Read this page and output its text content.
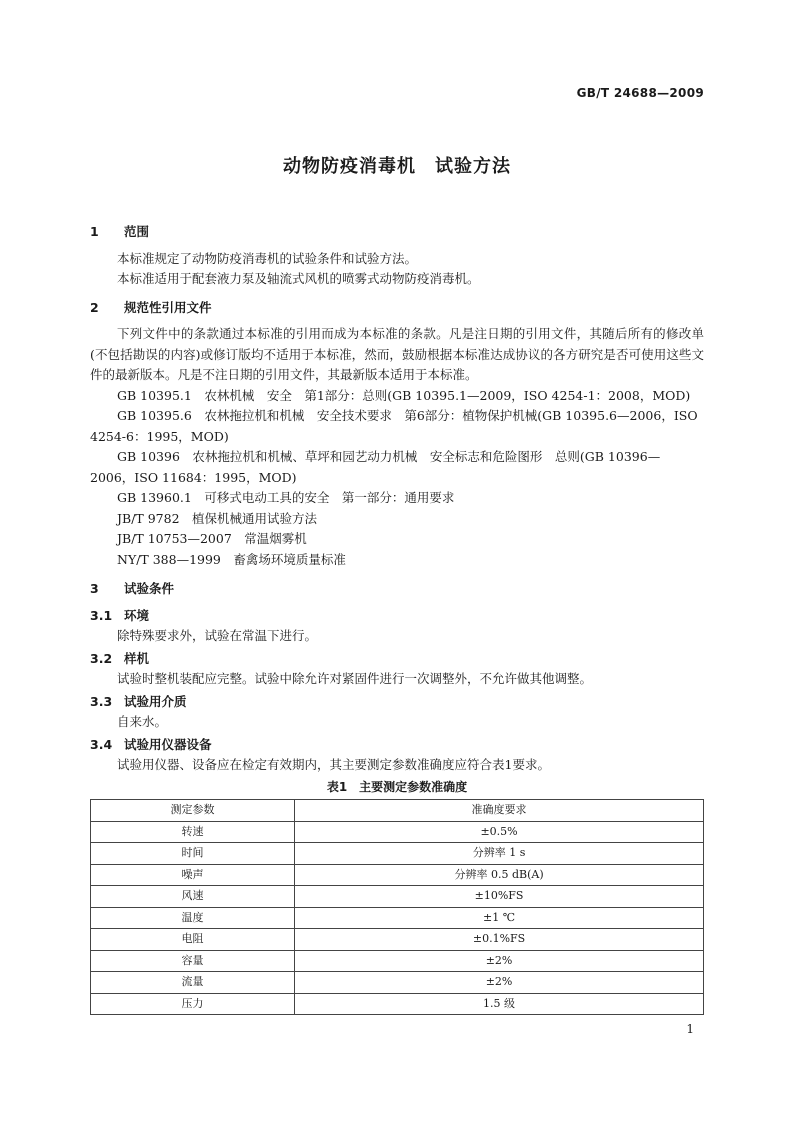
GB/T 24688—2009
动物防疫消毒机　试验方法
1 范围

本标准规定了动物防疫消毒机的试验条件和试验方法。

本标准适用于配套液力泵及轴流式风机的喷雾式动物防疫消毒机。

2 规范性引用文件

下列文件中的条款通过本标准的引用而成为本标准的条款。凡是注日期的引用文件，其随后所有的修改单(不包括勘误的内容)或修订版均不适用于本标准，然而，鼓励根据本标准达成协议的各方研究是否可使用这些文件的最新版本。凡是不注日期的引用文件，其最新版本适用于本标准。

GB 10395.1　农林机械　安全　第1部分：总则(GB 10395.1—2009，ISO 4254-1：2008，MOD)

GB 10395.6　农林拖拉机和机械　安全技术要求　第6部分：植物保护机械(GB 10395.6—2006，ISO 4254-6：1995，MOD)

GB 10396　农林拖拉机和机械、草坪和园艺动力机械　安全标志和危险图形　总则(GB 10396—2006，ISO 11684：1995，MOD)

GB 13960.1　可移式电动工具的安全　第一部分：通用要求

JB/T 9782　植保机械通用试验方法

JB/T 10753—2007　常温烟雾机

NY/T 388—1999　畜禽场环境质量标准

3 试验条件
3.1 环境

除特殊要求外，试验在常温下进行。

3.2 样机

试验时整机装配应完整。试验中除允许对紧固件进行一次调整外，不允许做其他调整。

3.3 试验用介质

自来水。

3.4 试验用仪器设备

试验用仪器、设备应在检定有效期内，其主要测定参数准确度应符合表1要求。

表1　主要测定参数准确度
测定参数	准确度要求
转速	±0.5%
时间	分辨率 1 s
噪声	分辨率 0.5 dB(A)
风速	±10%FS
温度	±1 ℃
电阻	±0.1%FS
容量	±2%
流量	±2%
压力	1.5 级
1
